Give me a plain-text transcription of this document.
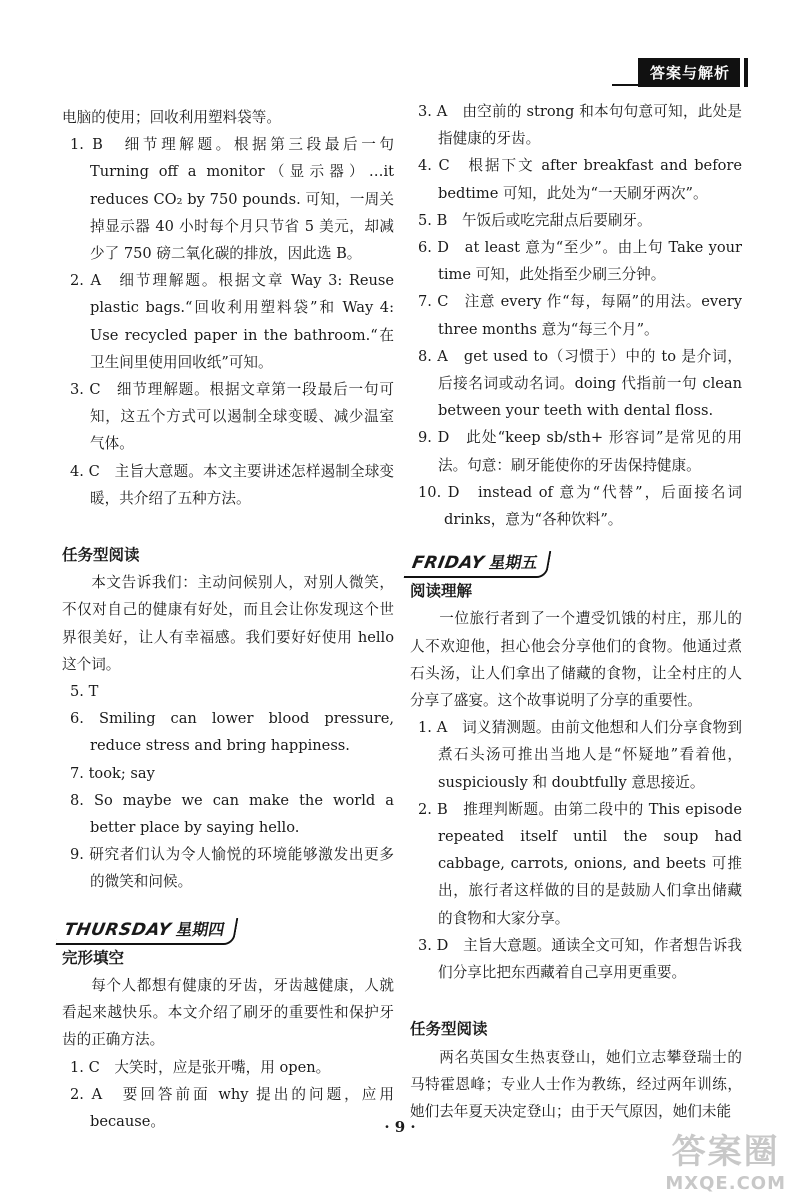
答案与解析

电脑的使用；回收利用塑料袋等。

1. B　细节理解题。根据第三段最后一句 Turning off a monitor（显示器）…it reduces CO₂ by 750 pounds. 可知，一周关掉显示器 40 小时每个月只节省 5 美元，却减少了 750 磅二氧化碳的排放，因此选 B。

2. A　细节理解题。根据文章 Way 3: Reuse plastic bags.“回收利用塑料袋”和 Way 4: Use recycled paper in the bathroom.“在卫生间里使用回收纸”可知。

3. C　细节理解题。根据文章第一段最后一句可知，这五个方式可以遏制全球变暖、减少温室气体。

4. C　主旨大意题。本文主要讲述怎样遏制全球变暖，共介绍了五种方法。

任务型阅读

本文告诉我们：主动问候别人，对别人微笑，不仅对自己的健康有好处，而且会让你发现这个世界很美好，让人有幸福感。我们要好好使用 hello 这个词。

5. T

6. Smiling can lower blood pressure, reduce stress and bring happiness.

7. took; say

8. So maybe we can make the world a better place by saying hello.

9. 研究者们认为令人愉悦的环境能够激发出更多的微笑和问候。

THURSDAY 星期四

完形填空

每个人都想有健康的牙齿，牙齿越健康，人就看起来越快乐。本文介绍了刷牙的重要性和保护牙齿的正确方法。

1. C　大笑时，应是张开嘴，用 open。

2. A　要回答前面 why 提出的问题，应用 because。

3. A　由空前的 strong 和本句句意可知，此处是指健康的牙齿。

4. C　根据下文 after breakfast and before bedtime 可知，此处为“一天刷牙两次”。

5. B　午饭后或吃完甜点后要刷牙。

6. D　at least 意为“至少”。由上句 Take your time 可知，此处指至少刷三分钟。

7. C　注意 every 作“每，每隔”的用法。every three months 意为“每三个月”。

8. A　get used to（习惯于）中的 to 是介词，后接名词或动名词。doing 代指前一句 clean between your teeth with dental floss.

9. D　此处“keep sb/sth+ 形容词”是常见的用法。句意：刷牙能使你的牙齿保持健康。

10. D　instead of 意为“代替”，后面接名词 drinks，意为“各种饮料”。

FRIDAY 星期五

阅读理解

一位旅行者到了一个遭受饥饿的村庄，那儿的人不欢迎他，担心他会分享他们的食物。他通过煮石头汤，让人们拿出了储藏的食物，让全村庄的人分享了盛宴。这个故事说明了分享的重要性。

1. A　词义猜测题。由前文他想和人们分享食物到煮石头汤可推出当地人是“怀疑地”看着他，suspiciously 和 doubtfully 意思接近。

2. B　推理判断题。由第二段中的 This episode repeated itself until the soup had cabbage, carrots, onions, and beets 可推出，旅行者这样做的目的是鼓励人们拿出储藏的食物和大家分享。

3. D　主旨大意题。通读全文可知，作者想告诉我们分享比把东西藏着自己享用更重要。

任务型阅读

两名英国女生热衷登山，她们立志攀登瑞士的马特霍恩峰；专业人士作为教练，经过两年训练，她们去年夏天决定登山；由于天气原因，她们未能

· 9 ·
答案圈
MXQE.COM
